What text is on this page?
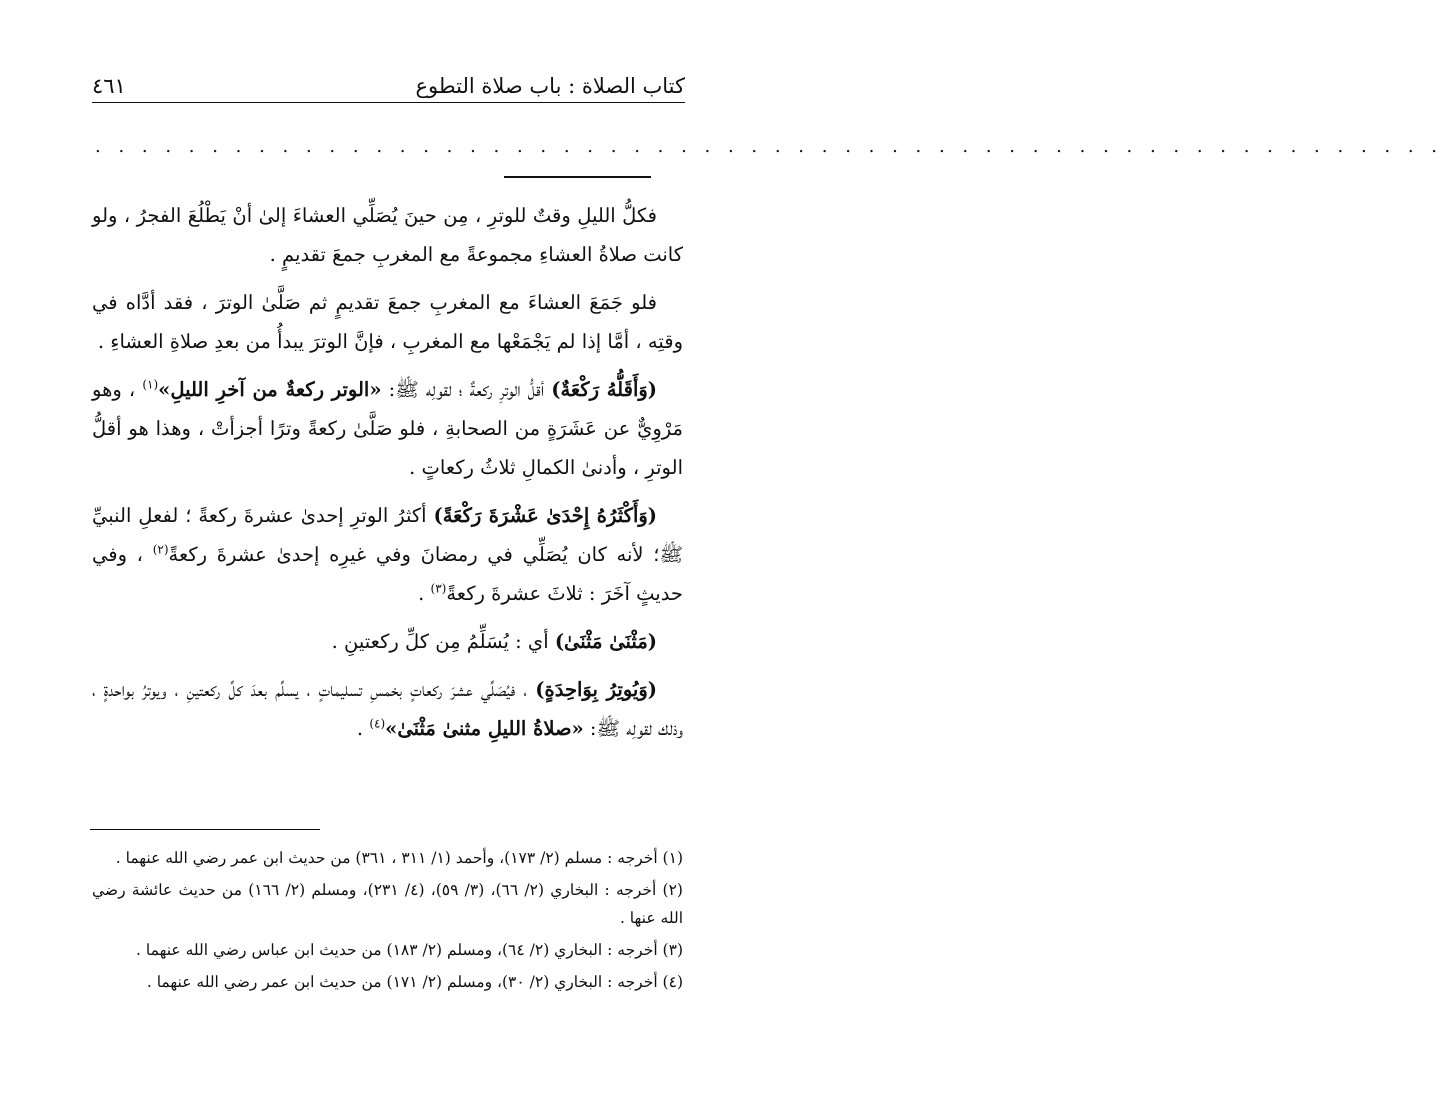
كتاب الصلاة : باب صلاة التطوع
٤٦١
. . . . . . . . . . . . . . . . . . . . . . . . . . . . . . . . . . . . . . . . . . . . . . . . . . . . . . . . . .

فكلُّ الليلِ وقتٌ للوترِ ، مِن حينَ يُصَلِّي العشاءَ إلىٰ أنْ يَطْلُعَ الفجرُ ، ولو كانت صلاةُ العشاءِ مجموعةً مع المغربِ جمعَ تقديمٍ .

فلو جَمَعَ العشاءَ مع المغربِ جمعَ تقديمٍ ثم صَلَّىٰ الوترَ ، فقد أدَّاه في وقتِه ، أمَّا إذا لم يَجْمَعْها مع المغربِ ، فإنَّ الوترَ يبدأُ من بعدِ صلاةِ العشاءِ .

(وَأَقَلُّهُ رَكْعَةٌ) أقلُّ الوترِ ركعةٌ ؛ لقولِه ﷺ: «الوتر ركعةٌ من آخرِ الليلِ»$^{(١)}$ ، وهو مَرْوِيٌّ عن عَشَرَةٍ من الصحابةِ ، فلو صَلَّىٰ ركعةً وترًا أجزأتْ ، وهذا هو أقلُّ الوترِ ، وأدنىٰ الكمالِ ثلاثُ ركعاتٍ .

(وَأَكْثَرُهُ إِحْدَىٰ عَشْرَةَ رَكْعَةً) أكثرُ الوترِ إحدىٰ عشرةَ ركعةً ؛ لفعلِ النبيِّ ﷺ؛ لأنه كان يُصَلِّي في رمضانَ وفي غيرِه إحدىٰ عشرةَ ركعةً$^{(٢)}$ ، وفي حديثٍ آخَرَ : ثلاثَ عشرةَ ركعةً$^{(٣)}$ .

(مَثْنَىٰ مَثْنَىٰ) أي : يُسَلِّمُ مِن كلِّ ركعتينِ .

(وَيُوتِرُ بِوَاحِدَةٍ) ، فيُصَلِّي عشرَ ركعاتٍ بخمسِ تسليماتٍ ، يسلِّم بعدَ كلِّ ركعتينِ ، ويوترُ بواحدةٍ ، وذلك لقولِه ﷺ: «صلاةُ الليلِ مثنىٰ مَثْنَىٰ»$^{(٤)}$ .

(١) أخرجه : مسلم (٢/ ١٧٣)، وأحمد (١/ ٣١١ ، ٣٦١) من حديث ابن عمر رضي الله عنهما .
(٢) أخرجه : البخاري (٢/ ٦٦)، (٣/ ٥٩)، (٤/ ٢٣١)، ومسلم (٢/ ١٦٦) من حديث عائشة رضي الله عنها .
(٣) أخرجه : البخاري (٢/ ٦٤)، ومسلم (٢/ ١٨٣) من حديث ابن عباس رضي الله عنهما .
(٤) أخرجه : البخاري (٢/ ٣٠)، ومسلم (٢/ ١٧١) من حديث ابن عمر رضي الله عنهما .
